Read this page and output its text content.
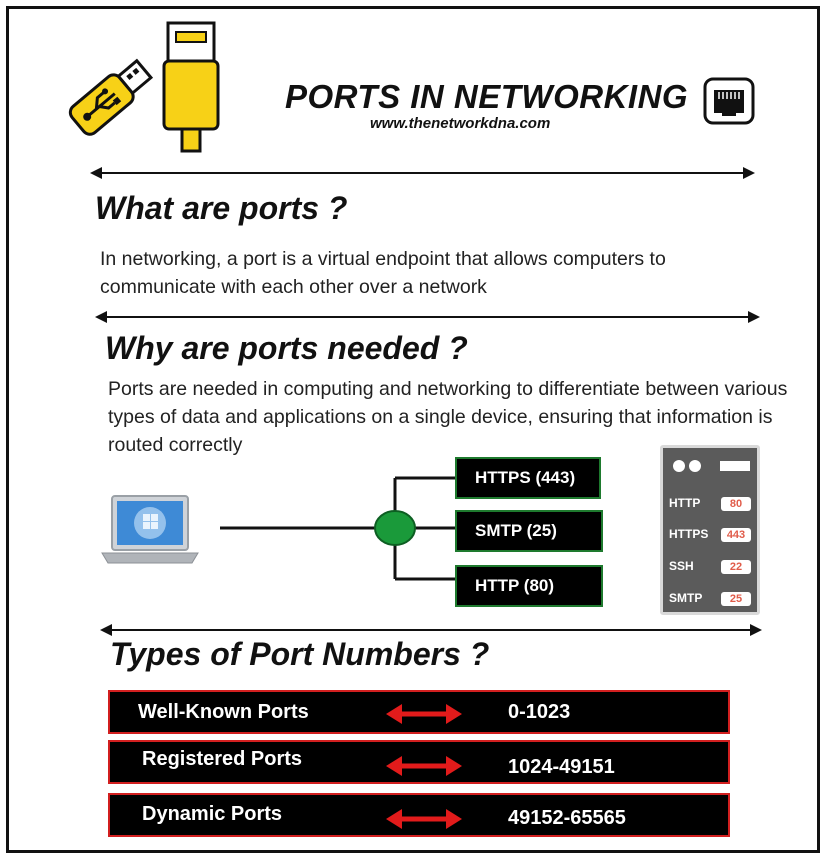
PORTS IN NETWORKING
www.thenetworkdna.com
What are ports ?
In networking, a port is a virtual endpoint that allows computers to communicate with each other over a network
Why are ports needed ?
Ports are needed in computing and networking to differentiate between various types of data and applications on a single device, ensuring that information is routed correctly
HTTPS (443)
SMTP (25)
HTTP (80)
HTTP	80
HTTPS	443
SSH	22
SMTP	25
Types of Port Numbers ?
Well-Known Ports	0-1023
Registered Ports	1024-49151
Dynamic Ports	49152-65565
